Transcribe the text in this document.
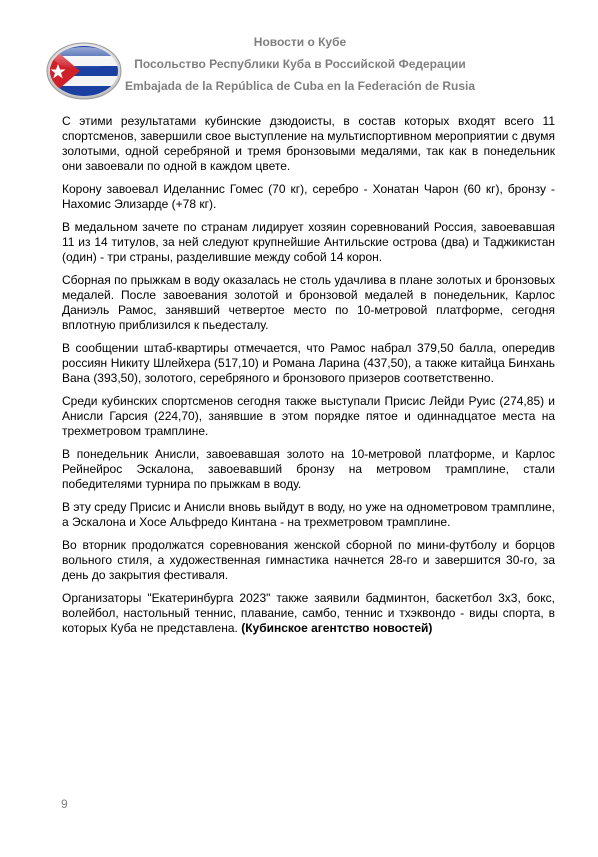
Новости о Кубе
Посольство Республики Куба в Российской Федерации
Embajada de la República de Cuba en la Federación de Rusia

С этими результатами кубинские дзюдоисты, в состав которых входят всего 11 спортсменов, завершили свое выступление на мультиспортивном мероприятии с двумя золотыми, одной серебряной и тремя бронзовыми медалями, так как в понедельник они завоевали по одной в каждом цвете.

Корону завоевал Иделаннис Гомес (70 кг), серебро - Хонатан Чарон (60 кг), бронзу - Нахомис Элизарде (+78 кг).

В медальном зачете по странам лидирует хозяин соревнований Россия, завоевавшая 11 из 14 титулов, за ней следуют крупнейшие Антильские острова (два) и Таджикистан (один) - три страны, разделившие между собой 14 корон.

Сборная по прыжкам в воду оказалась не столь удачлива в плане золотых и бронзовых медалей. После завоевания золотой и бронзовой медалей в понедельник, Карлос Даниэль Рамос, занявший четвертое место по 10-метровой платформе, сегодня вплотную приблизился к пьедесталу.

В сообщении штаб-квартиры отмечается, что Рамос набрал 379,50 балла, опередив россиян Никиту Шлейхера (517,10) и Романа Ларина (437,50), а также китайца Бинхань Вана (393,50), золотого, серебряного и бронзового призеров соответственно.

Среди кубинских спортсменов сегодня также выступали Присис Лейди Руис (274,85) и Анисли Гарсия (224,70), занявшие в этом порядке пятое и одиннадцатое места на трехметровом трамплине.

В понедельник Анисли, завоевавшая золото на 10-метровой платформе, и Карлос Рейнейрос Эскалона, завоевавший бронзу на метровом трамплине, стали победителями турнира по прыжкам в воду.

В эту среду Присис и Анисли вновь выйдут в воду, но уже на однометровом трамплине, а Эскалона и Хосе Альфредо Кинтана - на трехметровом трамплине.

Во вторник продолжатся соревнования женской сборной по мини-футболу и борцов вольного стиля, а художественная гимнастика начнется 28-го и завершится 30-го, за день до закрытия фестиваля.

Организаторы "Екатеринбурга 2023" также заявили бадминтон, баскетбол 3х3, бокс, волейбол, настольный теннис, плавание, самбо, теннис и тхэквондо - виды спорта, в которых Куба не представлена. (Кубинское агентство новостей)

9
